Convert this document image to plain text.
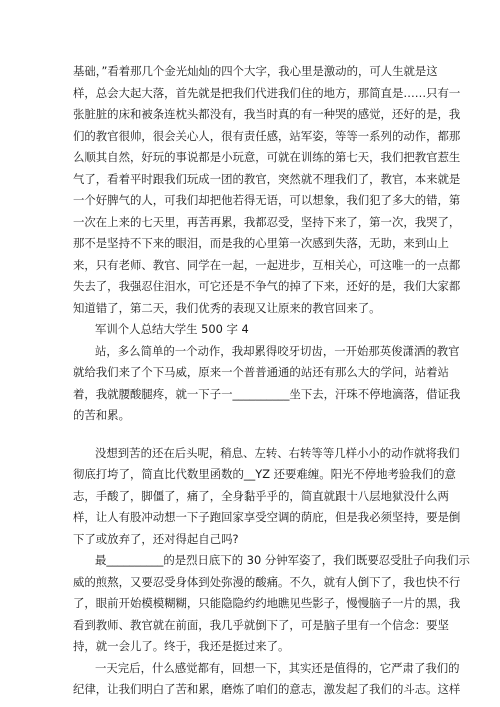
基础，”看着那几个金光灿灿的四个大字，我心里是激动的，可人生就是这
样，总会大起大落，首先就是把我们代进我们住的地方，那简直是……只有一
张脏脏的床和被条连枕头都没有，我当时真的有一种哭的感觉，还好的是，我
们的教官很帅，很会关心人，很有责任感，站军姿，等等一系列的动作，都那
么顺其自然，好玩的事说都是小玩意，可就在训练的第七天，我们把教官惹生
气了，看着平时跟我们玩成一团的教官，突然就不理我们了，教官，本来就是
一个好脾气的人，可我们却把他若得无语，可以想象，我们犯了多大的错，第
一次在上来的七天里，再苦再累，我都忍受，坚持下来了，第一次，我哭了，
那不是坚持不下来的眼泪，而是我的心里第一次感到失落，无助，来到山上
来，只有老师、教官、同学在一起，一起进步，互相关心，可这唯一的一点都
失去了，我强忍住泪水，可它还是不争气的掉了下来，还好的是，我们大家都
知道错了，第二天，我们优秀的表现又让原来的教官回来了。
军训个人总结大学生 500 字 4
站，多么简单的一个动作，我却累得咬牙切齿，一开始那英俊潇洒的教官
就给我们来了个下马威，原来一个普普通通的站还有那么大的学问，站着站
着，我就腰酸腿疼，就一下子一__________坐下去，汗珠不停地滴落，借证我
的苦和累。
没想到苦的还在后头呢，稍息、左转、右转等等几样小小的动作就将我们
彻底打垮了，简直比代数里函数的__YZ 还要难缠。阳光不停地考验我们的意
志，手酸了，脚僵了，痛了，全身黏乎乎的，简直就跟十八层地狱没什么两
样，让人有股冲动想一下子跑回家享受空调的荫庇，但是我必须坚持，要是倒
下了或放弃了，还对得起自己吗?
最__________的是烈日底下的 30 分钟军姿了，我们既要忍受肚子向我们示
威的煎熬，又要忍受身体到处弥漫的酸痛。不久，就有人倒下了，我也快不行
了，眼前开始模模糊糊，只能隐隐约约地瞧见些影子，慢慢脑子一片的黑，我
看到教师、教官就在前面，我几乎就倒下了，可是脑子里有一个信念：要坚
持，就一会儿了。终于，我还是挺过来了。
一天完后，什么感觉都有，回想一下，其实还是值得的，它严肃了我们的
纪律，让我们明白了苦和累，磨炼了咱们的意志，激发起了我们的斗志。这样
